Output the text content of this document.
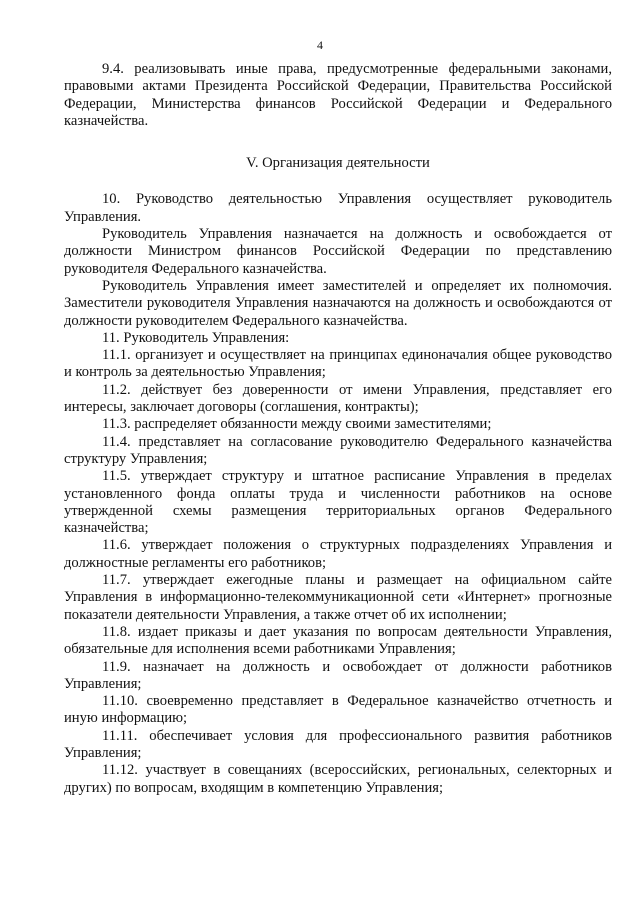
4

9.4. реализовывать иные права, предусмотренные федеральными законами, правовыми актами Президента Российской Федерации, Правительства Российской Федерации, Министерства финансов Российской Федерации и Федерального казначейства.

V. Организация деятельности

10. Руководство деятельностью Управления осуществляет руководитель Управления.

Руководитель Управления назначается на должность и освобождается от должности Министром финансов Российской Федерации по представлению руководителя Федерального казначейства.

Руководитель Управления имеет заместителей и определяет их полномочия. Заместители руководителя Управления назначаются на должность и освобождаются от должности руководителем Федерального казначейства.

11. Руководитель Управления:

11.1. организует и осуществляет на принципах единоначалия общее руководство и контроль за деятельностью Управления;

11.2. действует без доверенности от имени Управления, представляет его интересы, заключает договоры (соглашения, контракты);

11.3. распределяет обязанности между своими заместителями;

11.4. представляет на согласование руководителю Федерального казначейства структуру Управления;

11.5. утверждает структуру и штатное расписание Управления в пределах установленного фонда оплаты труда и численности работников на основе утвержденной схемы размещения территориальных органов Федерального казначейства;

11.6. утверждает положения о структурных подразделениях Управления и должностные регламенты его работников;

11.7. утверждает ежегодные планы и размещает на официальном сайте Управления в информационно-телекоммуникационной сети «Интернет» прогнозные показатели деятельности Управления, а также отчет об их исполнении;

11.8. издает приказы и дает указания по вопросам деятельности Управления, обязательные для исполнения всеми работниками Управления;

11.9. назначает на должность и освобождает от должности работников Управления;

11.10. своевременно представляет в Федеральное казначейство отчетность и иную информацию;

11.11. обеспечивает условия для профессионального развития работников Управления;

11.12. участвует в совещаниях (всероссийских, региональных, селекторных и других) по вопросам, входящим в компетенцию Управления;
